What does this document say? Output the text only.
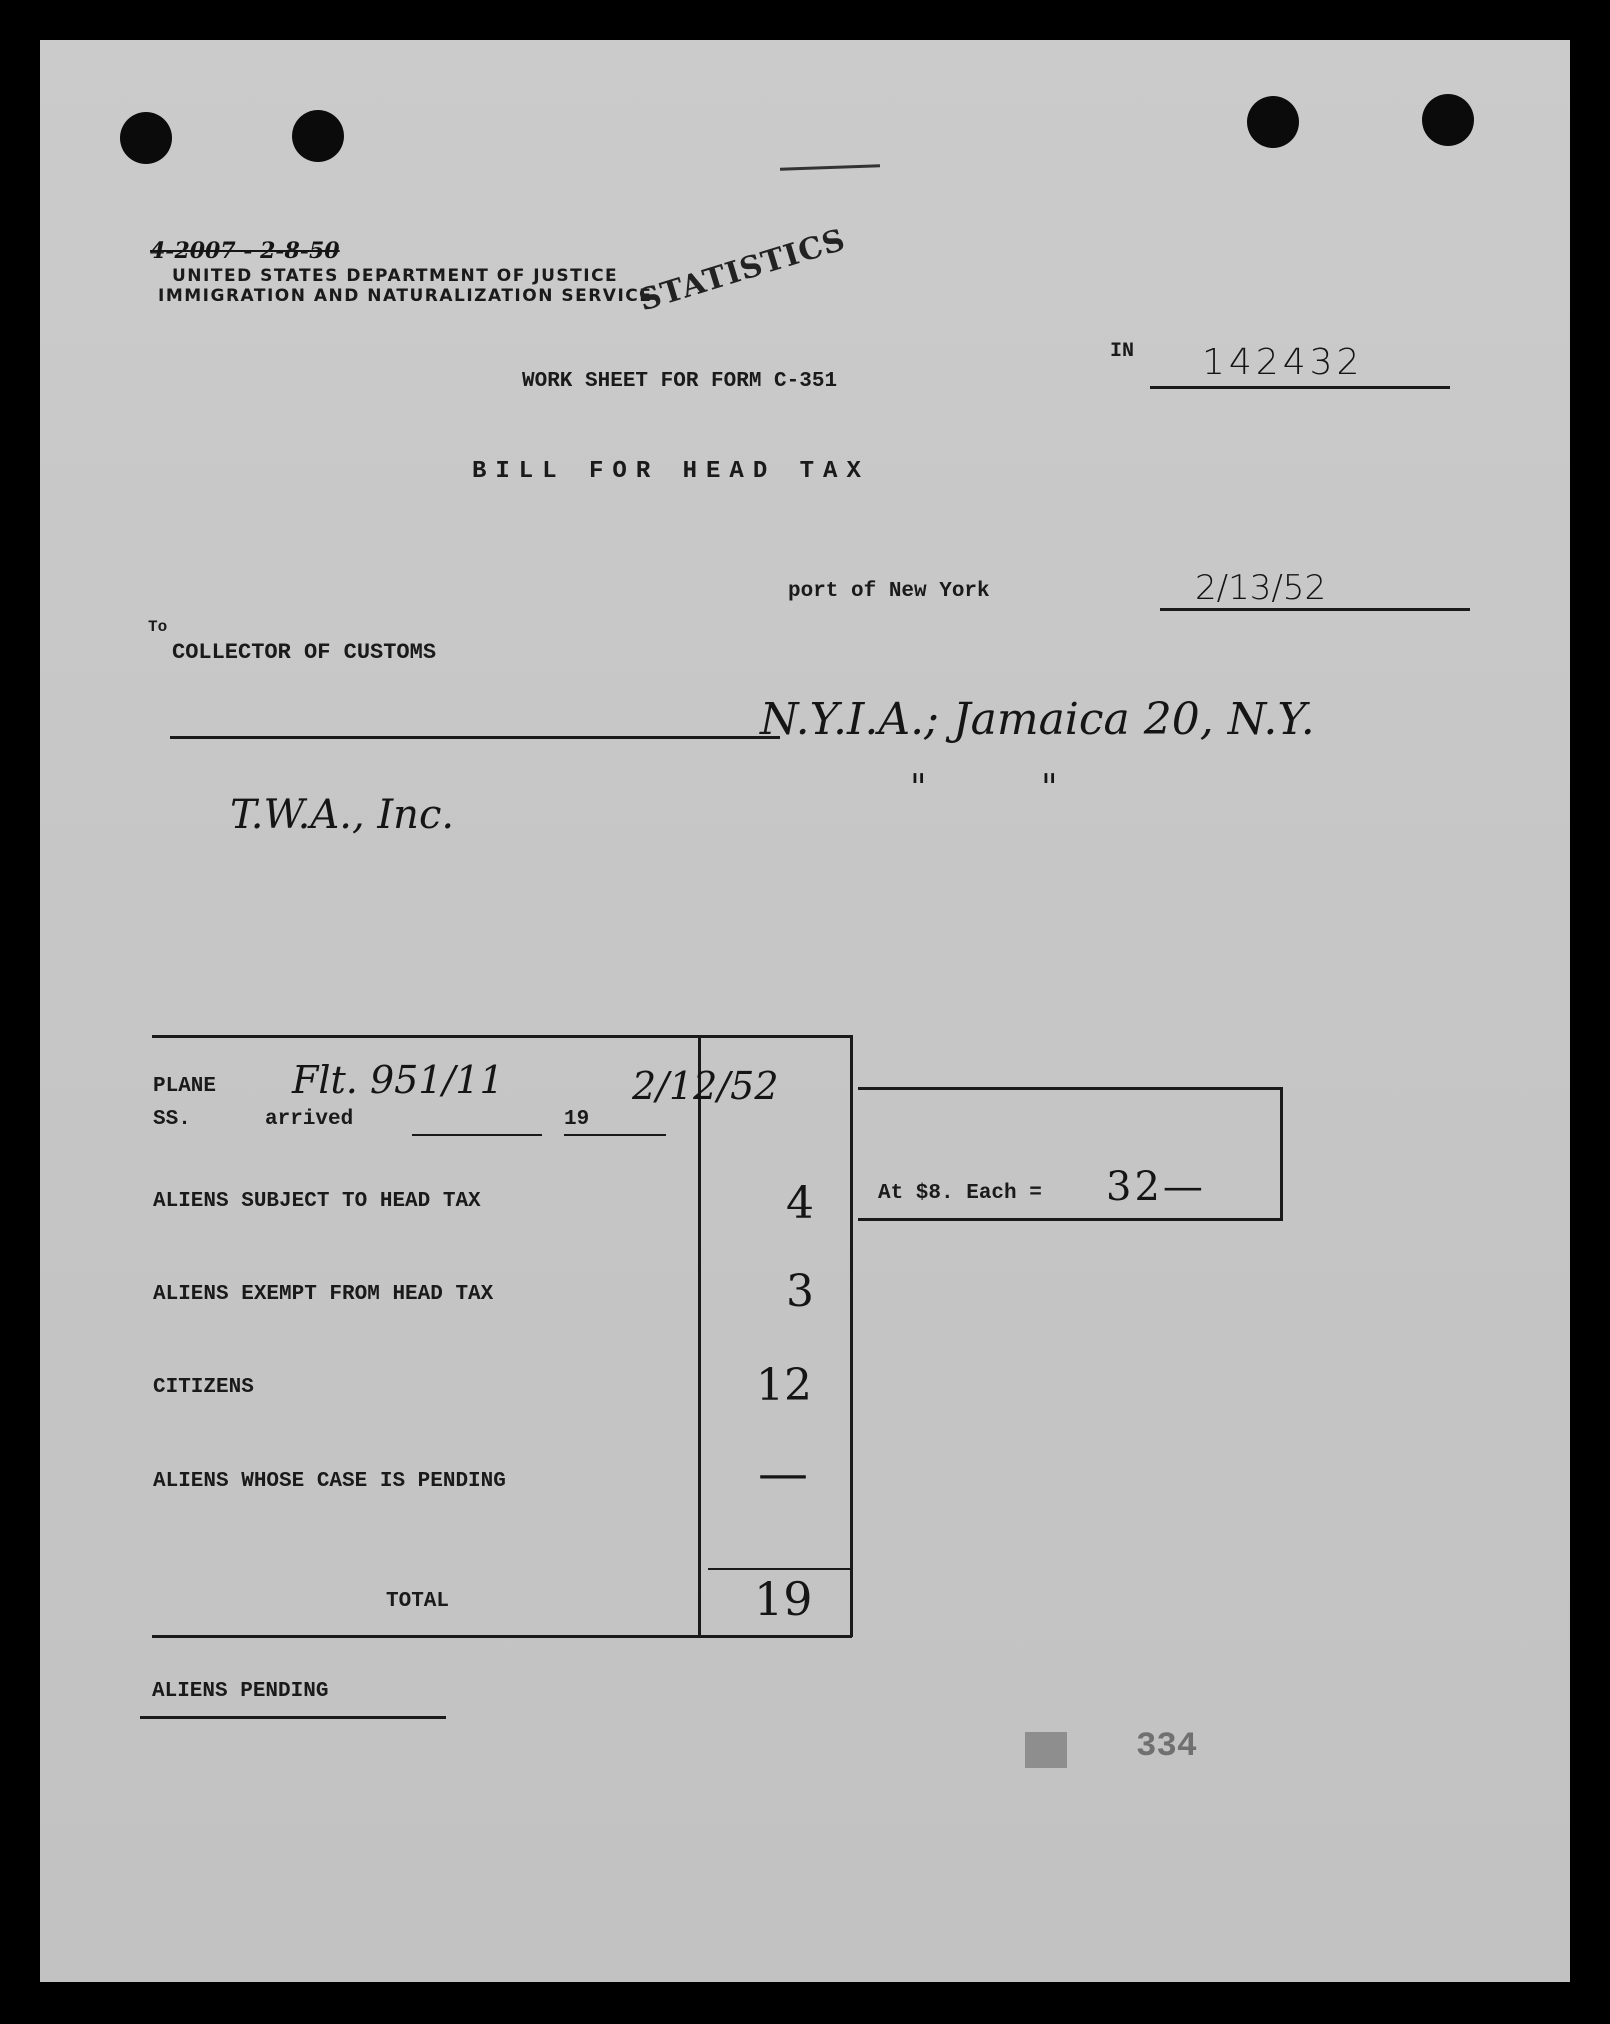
4-2007 - 2-8-50
UNITED STATES DEPARTMENT OF JUSTICE
IMMIGRATION AND NATURALIZATION SERVICE
STATISTICS
IN 142432
WORK SHEET FOR FORM C-351
BILL FOR HEAD TAX
port of New York	2/13/52
To
COLLECTOR OF CUSTOMS
N.Y.I.A.; Jamaica 20, N.Y.
T.W.A., Inc.
"          "
PLANE
SS.	arrived	19
Flt. 951/11	2/12/52
ALIENS SUBJECT TO HEAD TAX	4
ALIENS EXEMPT FROM HEAD TAX	3
CITIZENS	12
ALIENS WHOSE CASE IS PENDING	—
TOTAL	19
At $8. Each = 32—
ALIENS PENDING
334
